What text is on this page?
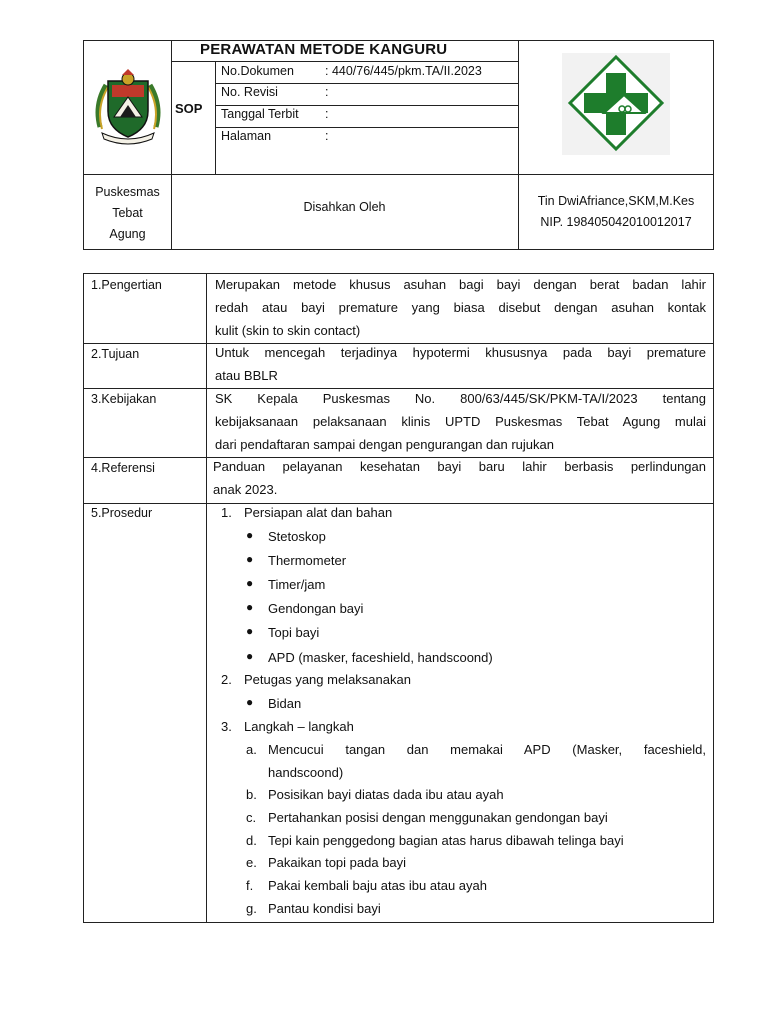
PERAWATAN METODE KANGURU
SOP
No.Dokumen : 440/76/445/pkm.TA/II.2023
No. Revisi	:
Tanggal Terbit :
Halaman	:
Puskesmas
Tebat
Agung
Disahkan Oleh	Tin DwiAfriance,SKM,M.Kes
NIP. 198405042010012017
1.Pengertian	Merupakan metode khusus asuhan bagi bayi dengan berat badan lahir
redah atau bayi premature yang biasa disebut dengan asuhan kontak
kulit (skin to skin contact)
2.Tujuan	Untuk mencegah terjadinya hypotermi khususnya pada bayi premature
atau BBLR
3.Kebijakan	SK Kepala Puskesmas No. 800/63/445/SK/PKM-TA/I/2023 tentang
kebijaksanaan pelaksanaan klinis UPTD Puskesmas Tebat Agung mulai
dari pendaftaran sampai dengan pengurangan dan rujukan
4.Referensi	Panduan pelayanan kesehatan bayi baru lahir berbasis perlindungan
anak 2023.
5.Prosedur	1. Persiapan alat dan bahan
● Stetoskop
● Thermometer
● Timer/jam
● Gendongan bayi
● Topi bayi
● APD (masker, faceshield, handscoond)
2. Petugas yang melaksanakan
● Bidan
3. Langkah – langkah
a. Mencucui tangan dan memakai APD (Masker, faceshield,
handscoond)
b. Posisikan bayi diatas dada ibu atau ayah
c. Pertahankan posisi dengan menggunakan gendongan bayi
d. Tepi kain penggedong bagian atas harus dibawah telinga bayi
e. Pakaikan topi pada bayi
f. Pakai kembali baju atas ibu atau ayah
g. Pantau kondisi bayi
